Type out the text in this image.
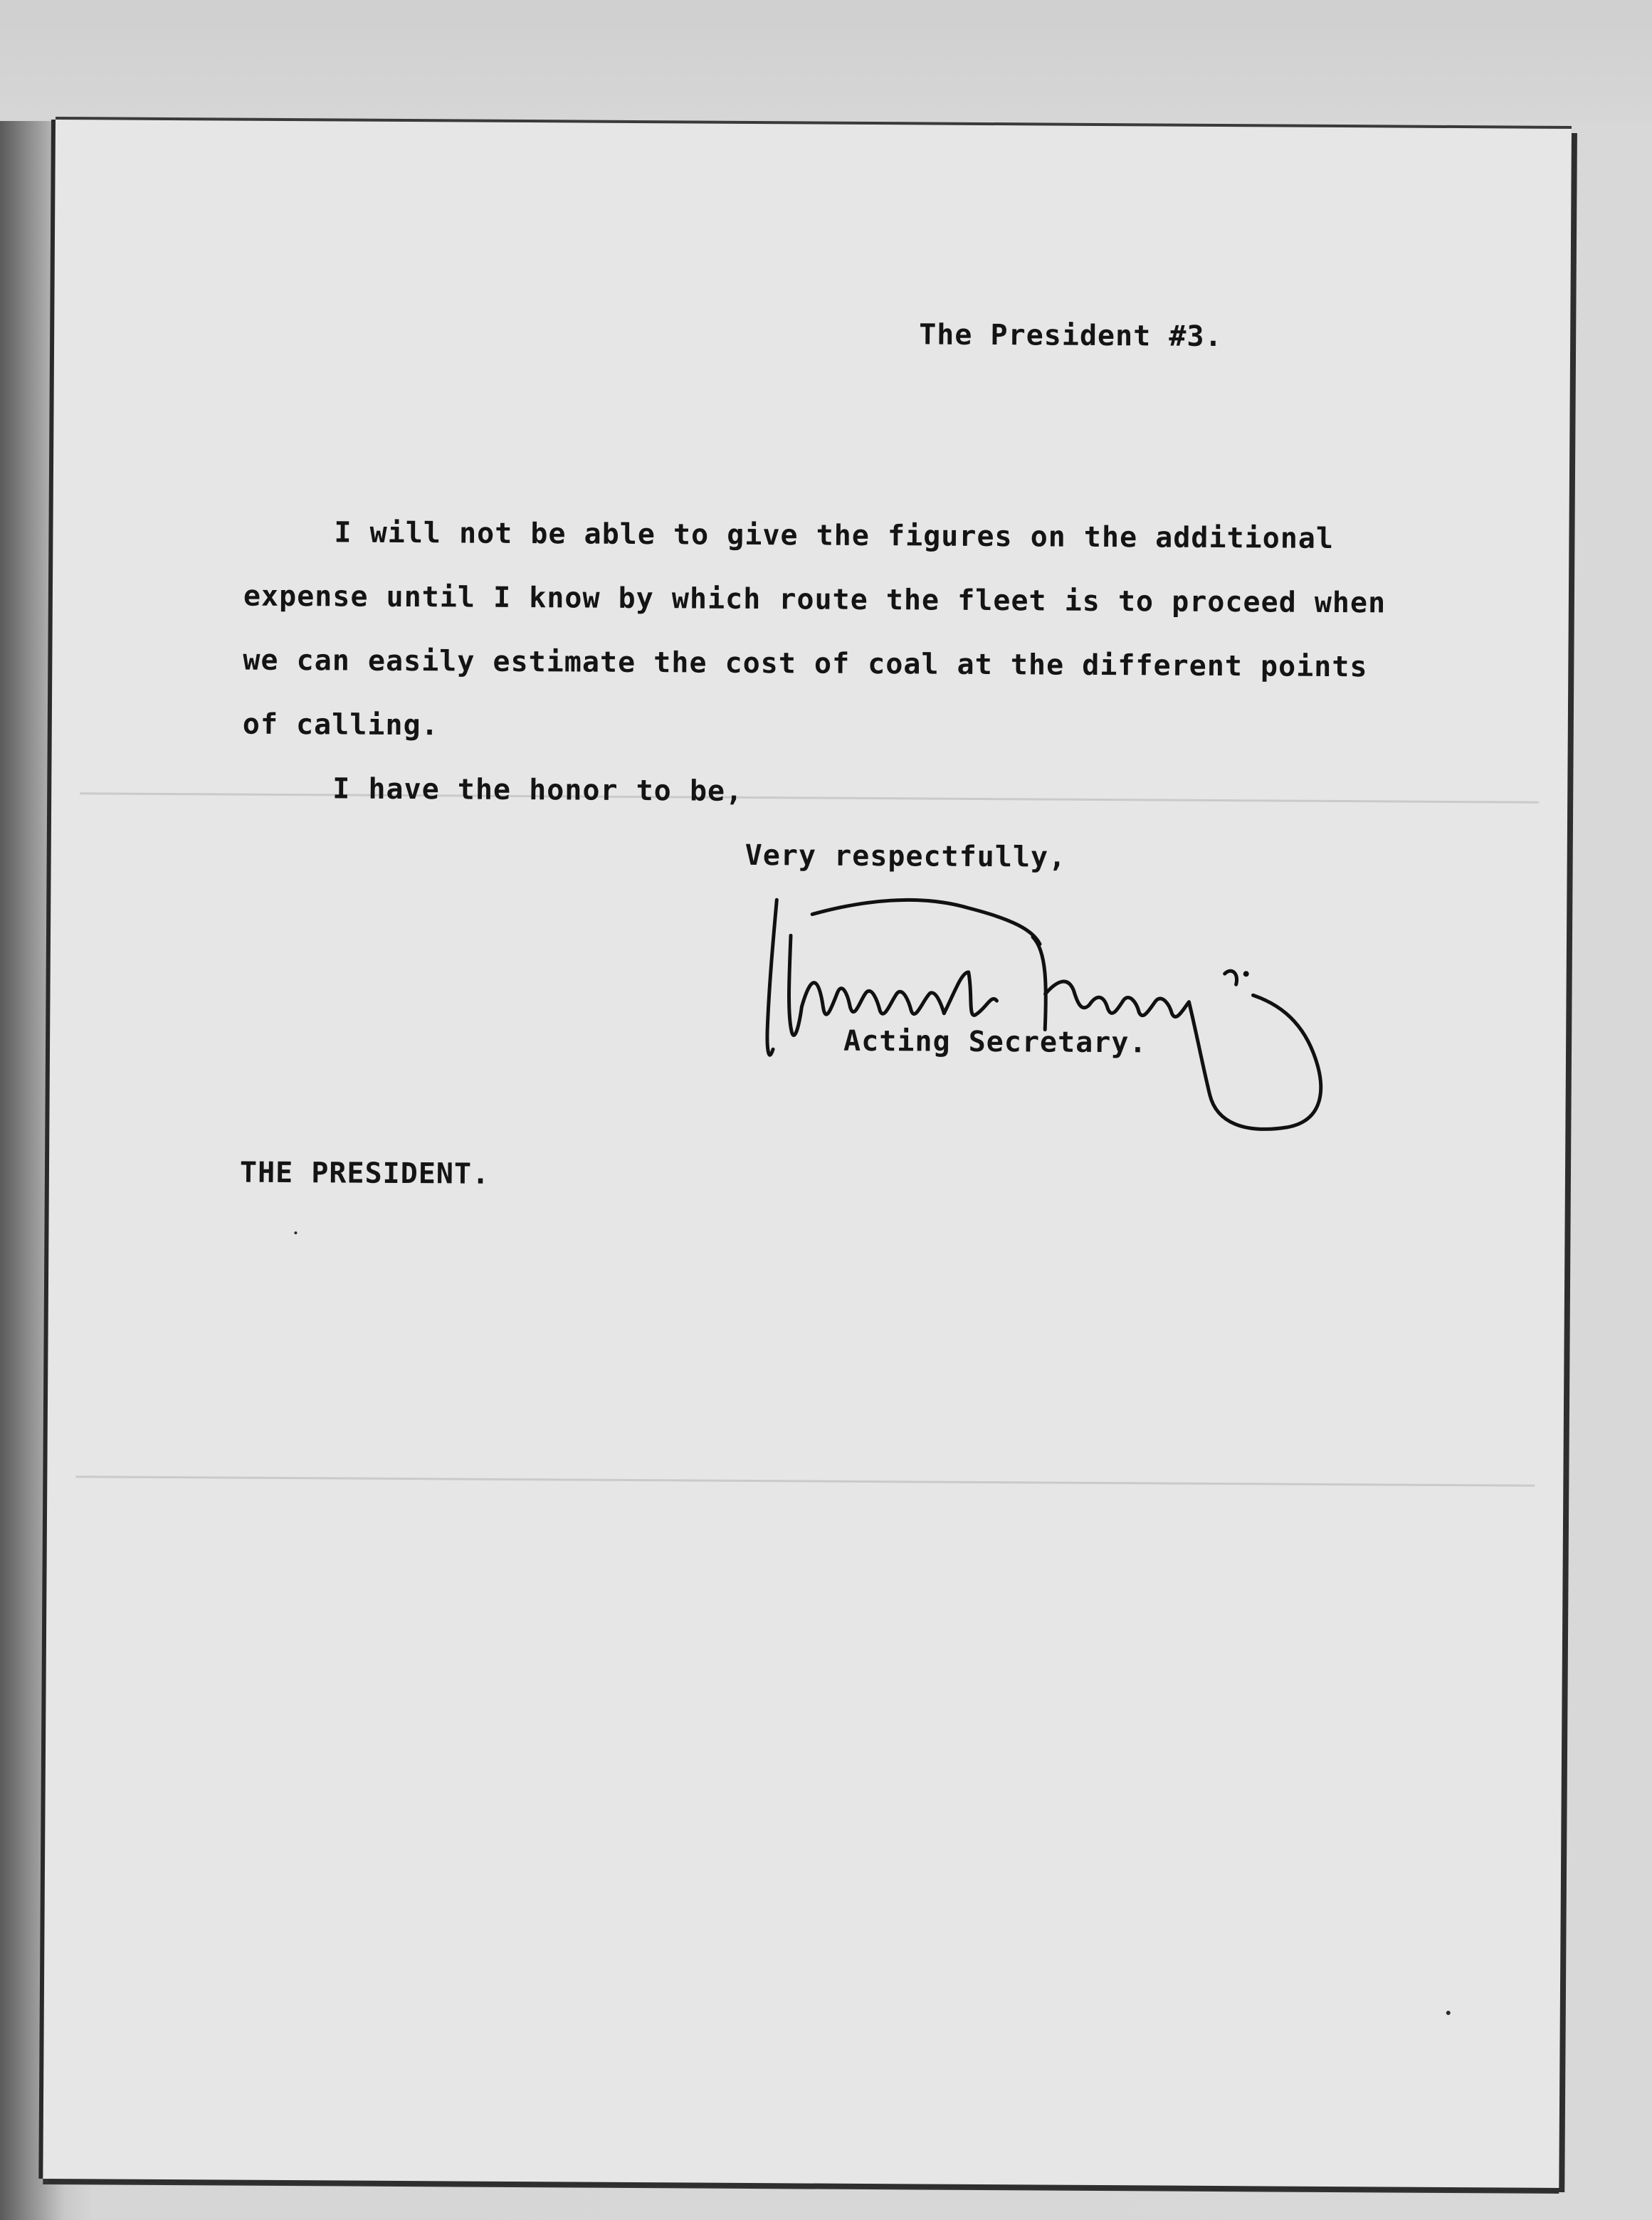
The President #3.
I will not be able to give the figures on the additional
expense until I know by which route the fleet is to proceed when
we can easily estimate the cost of coal at the different points
of calling.
I have the honor to be,
Very respectfully,
Acting Secretary.
THE PRESIDENT.
